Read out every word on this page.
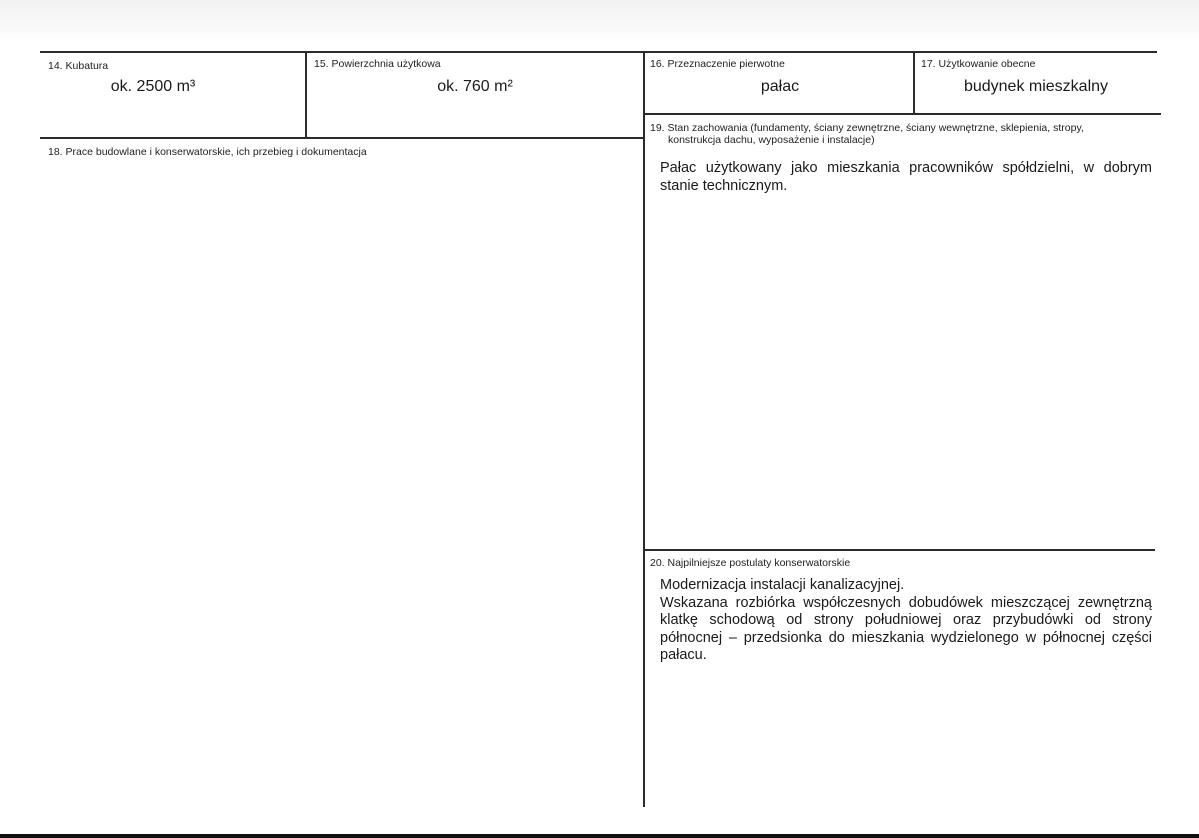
14. Kubatura
ok. 2500 m³
15. Powierzchnia użytkowa
ok. 760 m²
16. Przeznaczenie pierwotne
pałac
17. Użytkowanie obecne
budynek mieszkalny
18. Prace budowlane i konserwatorskie, ich przebieg i dokumentacja
19. Stan zachowania (fundamenty, ściany zewnętrzne, ściany wewnętrzne, sklepienia, stropy,
konstrukcja dachu, wyposażenie i instalacje)
Pałac użytkowany jako mieszkania pracowników spółdzielni, w dobrym stanie technicznym.
20. Najpilniejsze postulaty konserwatorskie

Modernizacja instalacji kanalizacyjnej.

Wskazana rozbiórka współczesnych dobudówek mieszczącej zewnętrzną klatkę schodową od strony południowej oraz przybudówki od strony północnej – przedsionka do mieszkania wydzielonego w północnej części pałacu.
